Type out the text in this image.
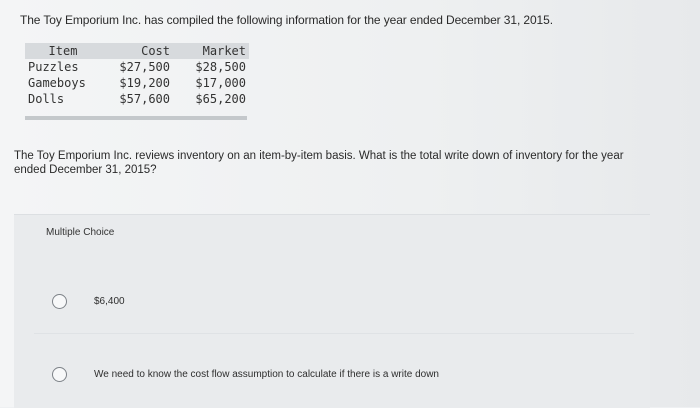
The Toy Emporium Inc. has compiled the following information for the year ended December 31, 2015.
Item	Cost	Market
Puzzles	$27,500	$28,500
Gameboys	$19,200	$17,000
Dolls	$57,600	$65,200
The Toy Emporium Inc. reviews inventory on an item-by-item basis. What is the total write down of inventory for the year ended December 31, 2015?
Multiple Choice
$6,400
We need to know the cost flow assumption to calculate if there is a write down
